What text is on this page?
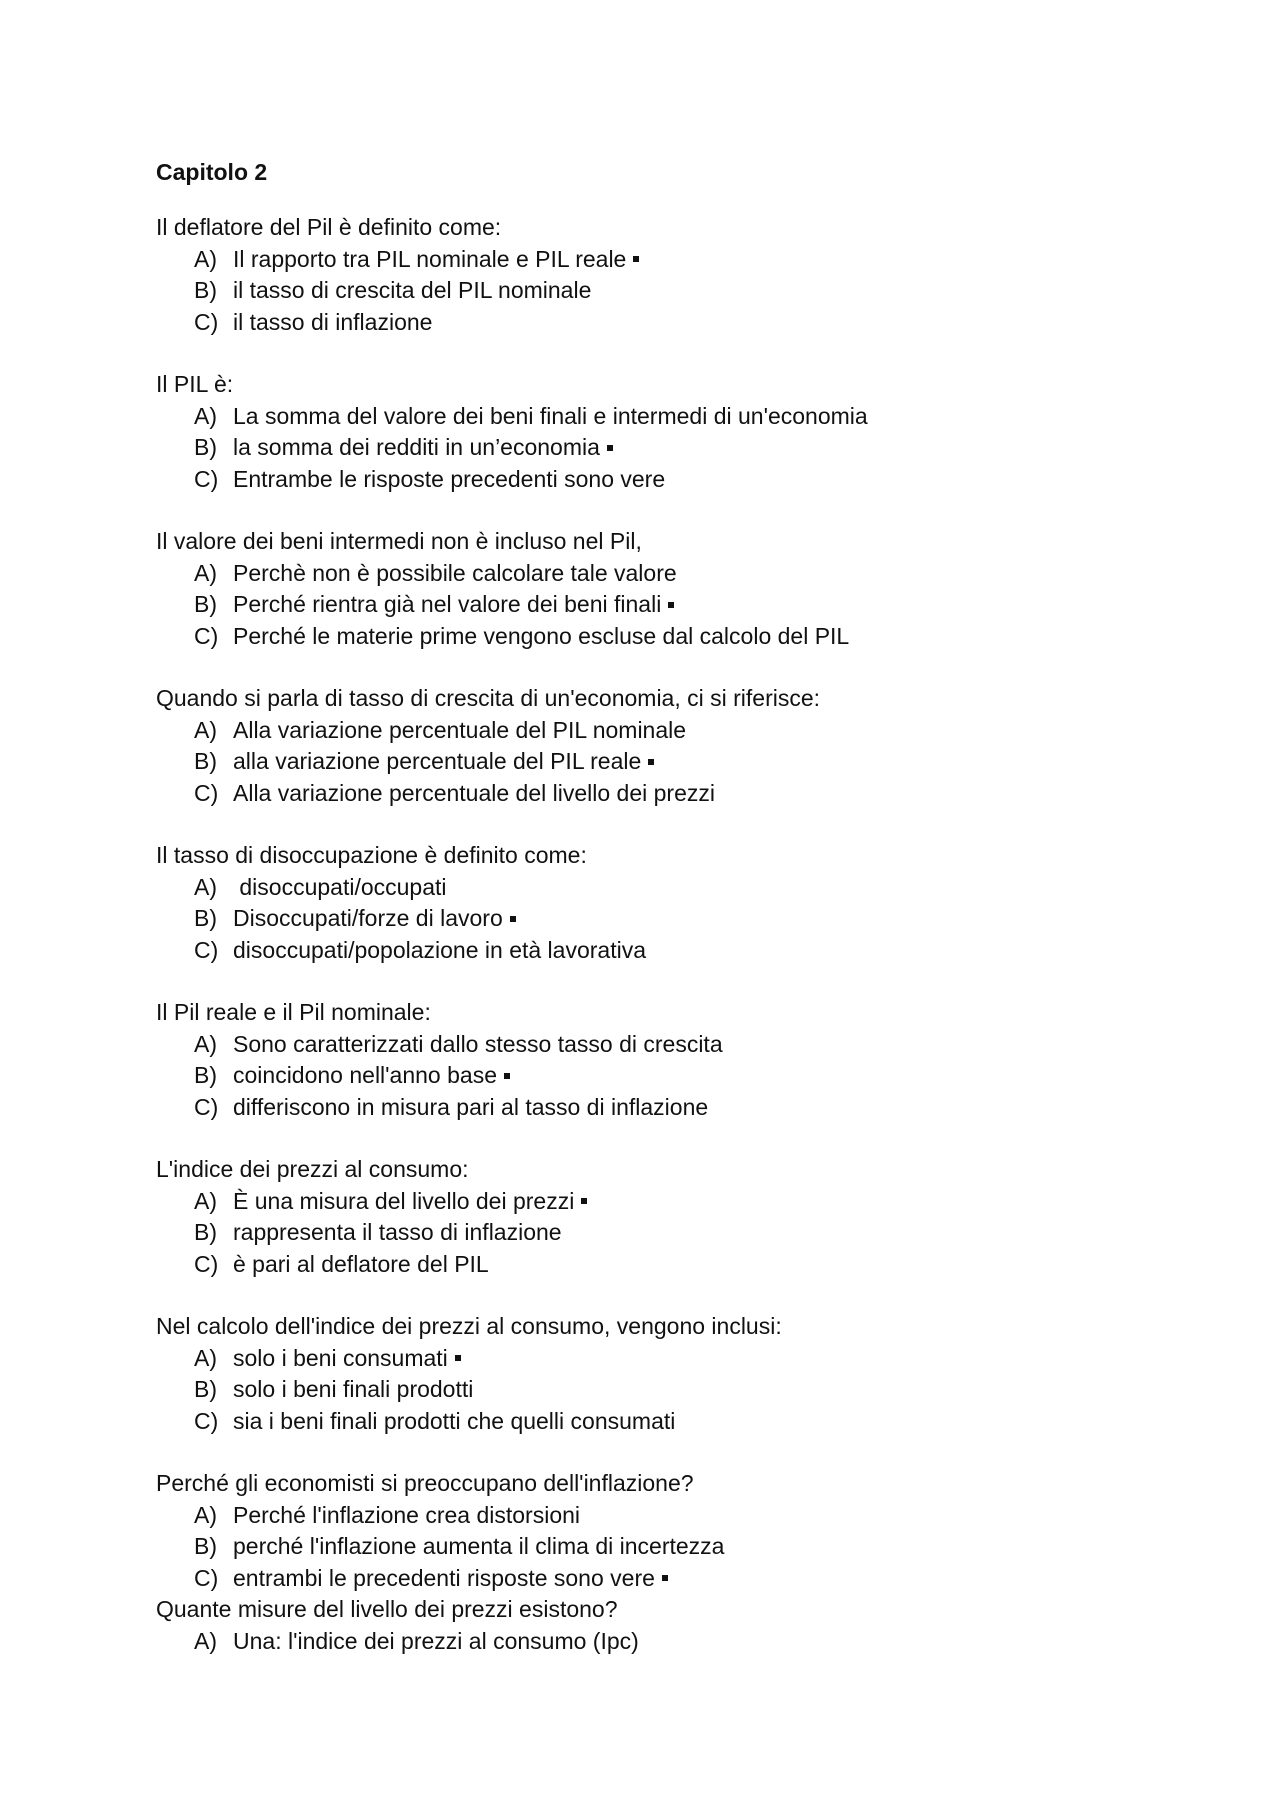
Capitolo 2
Il deflatore del Pil è definito come:
A) Il rapporto tra PIL nominale e PIL reale
B) il tasso di crescita del PIL nominale
C) il tasso di inflazione
Il PIL è:
A) La somma del valore dei beni finali e intermedi di un'economia
B) la somma dei redditi in un’economia
C) Entrambe le risposte precedenti sono vere
Il valore dei beni intermedi non è incluso nel Pil,
A) Perchè non è possibile calcolare tale valore
B) Perché rientra già nel valore dei beni finali
C) Perché le materie prime vengono escluse dal calcolo del PIL
Quando si parla di tasso di crescita di un'economia, ci si riferisce:
A) Alla variazione percentuale del PIL nominale
B) alla variazione percentuale del PIL reale
C) Alla variazione percentuale del livello dei prezzi
Il tasso di disoccupazione è definito come:
A) disoccupati/occupati
B) Disoccupati/forze di lavoro
C) disoccupati/popolazione in età lavorativa
Il Pil reale e il Pil nominale:
A) Sono caratterizzati dallo stesso tasso di crescita
B) coincidono nell'anno base
C) differiscono in misura pari al tasso di inflazione
L'indice dei prezzi al consumo:
A) È una misura del livello dei prezzi
B) rappresenta il tasso di inflazione
C) è pari al deflatore del PIL
Nel calcolo dell'indice dei prezzi al consumo, vengono inclusi:
A) solo i beni consumati
B) solo i beni finali prodotti
C) sia i beni finali prodotti che quelli consumati
Perché gli economisti si preoccupano dell'inflazione?
A) Perché l'inflazione crea distorsioni
B) perché l'inflazione aumenta il clima di incertezza
C) entrambi le precedenti risposte sono vere
Quante misure del livello dei prezzi esistono?
A) Una: l'indice dei prezzi al consumo (Ipc)
